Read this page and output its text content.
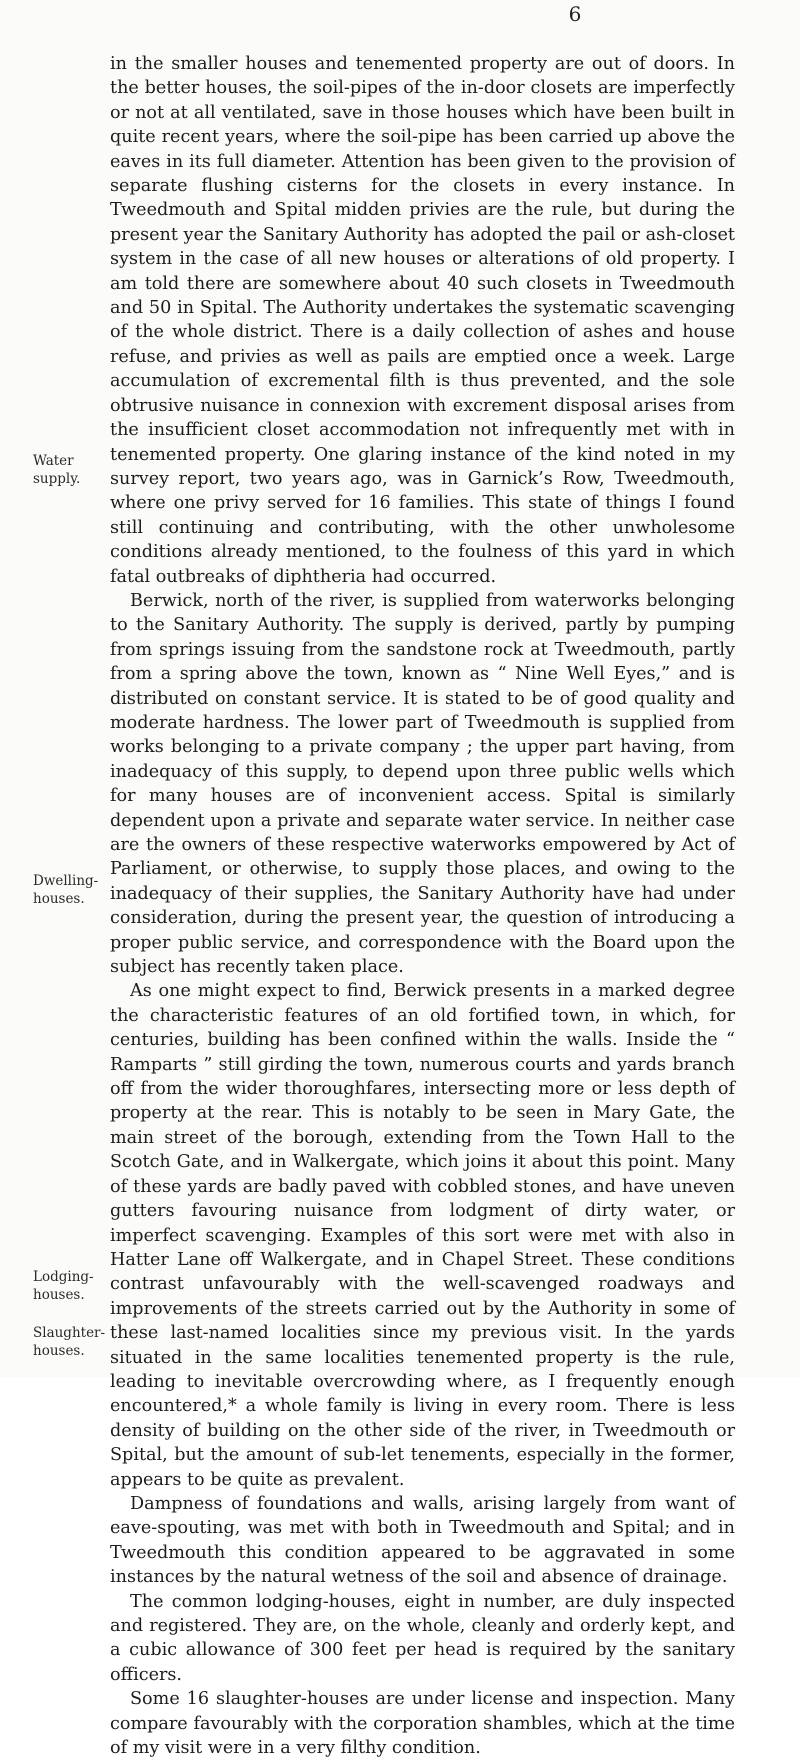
6
Water supply.
Dwelling-houses.
Lodging-houses.
Slaughter-houses.

in the smaller houses and tenemented property are out of doors. In the better houses, the soil-pipes of the in-door closets are imperfectly or not at all ventilated, save in those houses which have been built in quite recent years, where the soil-pipe has been carried up above the eaves in its full diameter. Attention has been given to the provision of separate flushing cisterns for the closets in every instance. In Tweedmouth and Spital midden privies are the rule, but during the present year the Sanitary Authority has adopted the pail or ash-closet system in the case of all new houses or alterations of old property. I am told there are somewhere about 40 such closets in Tweedmouth and 50 in Spital. The Authority undertakes the systematic scavenging of the whole district. There is a daily collection of ashes and house refuse, and privies as well as pails are emptied once a week. Large accumulation of excremental filth is thus prevented, and the sole obtrusive nuisance in connexion with excrement disposal arises from the insufficient closet accommodation not infrequently met with in tenemented property. One glaring instance of the kind noted in my survey report, two years ago, was in Garnick’s Row, Tweedmouth, where one privy served for 16 families. This state of things I found still continuing and contributing, with the other unwholesome conditions already mentioned, to the foulness of this yard in which fatal outbreaks of diphtheria had occurred.

Berwick, north of the river, is supplied from waterworks belonging to the Sanitary Authority. The supply is derived, partly by pumping from springs issuing from the sandstone rock at Tweedmouth, partly from a spring above the town, known as “ Nine Well Eyes,” and is distributed on constant service. It is stated to be of good quality and moderate hardness. The lower part of Tweedmouth is supplied from works belonging to a private company ; the upper part having, from inadequacy of this supply, to depend upon three public wells which for many houses are of inconvenient access. Spital is similarly dependent upon a private and separate water service. In neither case are the owners of these respective waterworks empowered by Act of Parliament, or otherwise, to supply those places, and owing to the inadequacy of their supplies, the Sanitary Authority have had under consideration, during the present year, the question of introducing a proper public service, and correspondence with the Board upon the subject has recently taken place.

As one might expect to find, Berwick presents in a marked degree the characteristic features of an old fortified town, in which, for centuries, building has been confined within the walls. Inside the “ Ramparts ” still girding the town, numerous courts and yards branch off from the wider thoroughfares, intersecting more or less depth of property at the rear. This is notably to be seen in Mary Gate, the main street of the borough, extending from the Town Hall to the Scotch Gate, and in Walkergate, which joins it about this point. Many of these yards are badly paved with cobbled stones, and have uneven gutters favouring nuisance from lodgment of dirty water, or imperfect scavenging. Examples of this sort were met with also in Hatter Lane off Walkergate, and in Chapel Street. These conditions contrast unfavourably with the well-scavenged roadways and improvements of the streets carried out by the Authority in some of these last-named localities since my previous visit. In the yards situated in the same localities tenemented property is the rule, leading to inevitable overcrowding where, as I frequently enough encountered,* a whole family is living in every room. There is less density of building on the other side of the river, in Tweedmouth or Spital, but the amount of sub-let tenements, especially in the former, appears to be quite as prevalent.

Dampness of foundations and walls, arising largely from want of eave-spouting, was met with both in Tweedmouth and Spital; and in Tweedmouth this condition appeared to be aggravated in some instances by the natural wetness of the soil and absence of drainage.

The common lodging-houses, eight in number, are duly inspected and registered. They are, on the whole, cleanly and orderly kept, and a cubic allowance of 300 feet per head is required by the sanitary officers.

Some 16 slaughter-houses are under license and inspection. Many compare favourably with the corporation shambles, which at the time of my visit were in a very filthy condition.
